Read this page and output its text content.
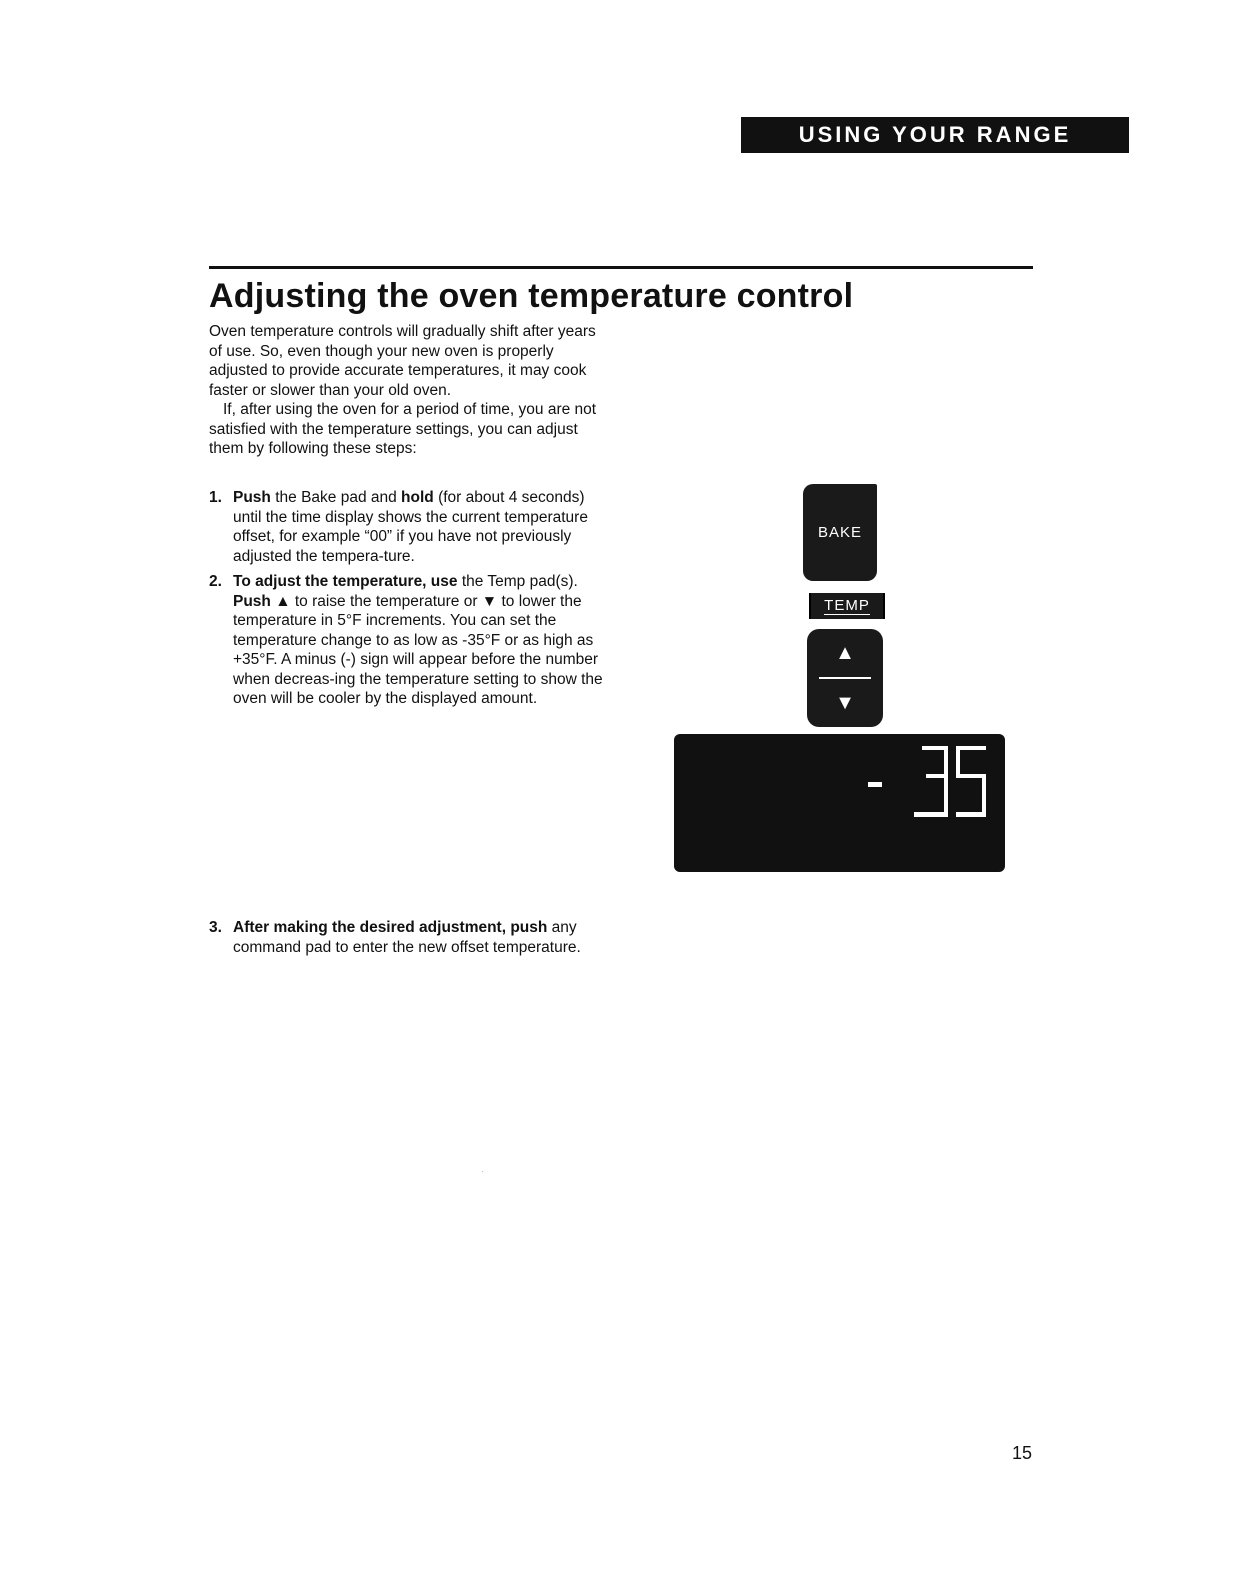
USING YOUR RANGE
Adjusting the oven temperature control

Oven temperature controls will gradually shift after years of use. So, even though your new oven is properly adjusted to provide accurate temperatures, it may cook faster or slower than your old oven.

If, after using the oven for a period of time, you are not satisfied with the temperature settings, you can adjust them by following these steps:

1. Push the Bake pad and hold (for about 4 seconds) until the time display shows the current temperature offset, for example “00” if you have not previously adjusted the tempera-ture.
2. To adjust the temperature, use the Temp pad(s). Push ▲ to raise the temperature or ▼ to lower the temperature in 5°F increments. You can set the temperature change to as low as -35°F or as high as +35°F. A minus (-) sign will appear before the number when decreas-ing the temperature setting to show the oven will be cooler by the displayed amount.
3. After making the desired adjustment, push any command pad to enter the new offset temperature.
BAKE
TEMP
▲
▼
15
